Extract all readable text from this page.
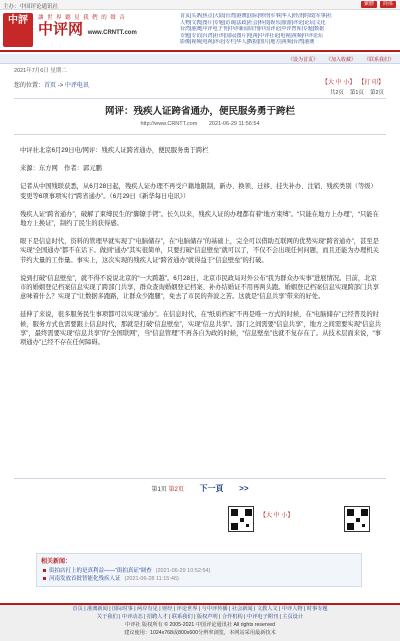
主办：中国评论通讯社	繁體	简体
中評	讓 世 界 聽 見 我 們 的 聲 音
中评网 www.CRNTT.com
首页|头条|焦点|大陆|台湾|港澳|国际|财经|军事|华人|经济|时政|军事|社
人物|文教|图片|专题|访谈|法政|社会|科技|娱乐|旅游|评论|论坛|文化
台湾|港澳|中评电子刊|中评新闻周刊|中国评论|中评智库|专题|数据
专题|专访|台湾|社评|国际|图片|电视|中评社论|电视|视频|中评论坛
影像|视频|电视|评论|专栏|华人|数据|图片|地方|视频|台湾|港澳
《设为首页》 《加入收藏》 《联系我们》
2021年7月6日 星期二
【大 中 小】 【打 印】
共2页 第1页 第2页
您的位置：首页 -> 中评电讯
网评：残疾人证跨省通办，便民服务勇于跨栏
http://www.CRNTT.com 2021-06-29 11:56:54

中评社北京6月29日电/网评：残疾人证跨省通办，便民服务勇于跨栏

来源：东方网　作者：郭元鹏

记者从中国残联获悉，从6月28日起，残疾人证办理不再受户籍地限制，新办、换领、迁移、挂失补办、注销、残疾类别（等级）变更等6项事项实行“跨省通办”。（6月29日《新华每日电讯》）

残疾人证“跨省通办”，破解了束缚民生的“脚镣手铐”。长久以来，残疾人证的办理都有着“地方束缚”。“只能在地方上办理”，“只能在地方上换证”，制约了民生的获得感。

眼下是信息时代，资料的管理早就实现了“电脑储存”，在“电脑储存”的基础上，完全可以借助互联网的优势实现“跨省通办”，甚至是实现“全国通办”都不在话下。做到“通办”其实很简单，只要打破“信息壁垒”就可以了，不仅不会出现任何问题，而且还能为办理机关节约大量的工作量。事实上，这次实现的残疾人证“跨省通办”就得益于“信息壁垒”的打破。

说到打破“信息壁垒”，就不得不说说北京的“一大跨越”。6月28日，北京市民政局对外公布“我为群众办实事”进展情况。目前，北京市的婚姻登记档案信息实现了跨部门共享，群众查询婚姻登记档案、补办结婚证不用再两头跑。婚姻登记档案信息实现跨部门共享意味着什么？实现了“让数据多跑路，让群众少跑腿”，免去了市民的奔波之苦。这就是“信息共享”带来的好处。

延伸了来说，很多服务民生事项都可以实现“通办”。在信息时代，在“纸质档案”不再是唯一方式的时候，在“电脑储存”已经普及的时候，服务方式也需要跟上信息时代，那就是打破“信息壁垒”，实现“信息共享”。部门之间需要“信息共享”，地方之间需要实现“信息共享”，最终需要实现“信息共享”的“全国联网”，当“信息管理”不再各自为政的时候，“信息壁垒”也就不复存在了。从技术层面来说，“事项通办”已经不存在任何障碍。

第1页 第2页 下一頁 >>
【大 中 小】
相关新闻：
街拍店打上的是真利益——“街拍真证”调查 (2021-06-29 10:52:54)
河南发放首批智能化残疾人证 (2021-06-28 11:15:46)
首页 | 港澳新闻 | 国际时事 | 两岸有见 | 财经 | 评论世界 | 与中评传播 | 社会新闻 | 文教人文 | 中评人物 | 时事专题
关于我们 | 中评动态 | 招聘人才 | 联系我们 | 版权声明 | 合作机构 | 中评电子期刊 | 主页设计
中评社 版权所有 © 2005-2021 中国评论通讯社 All rights reserved
建议使用：1024x768或800x600分辨率浏览，本网站采用最新技术
